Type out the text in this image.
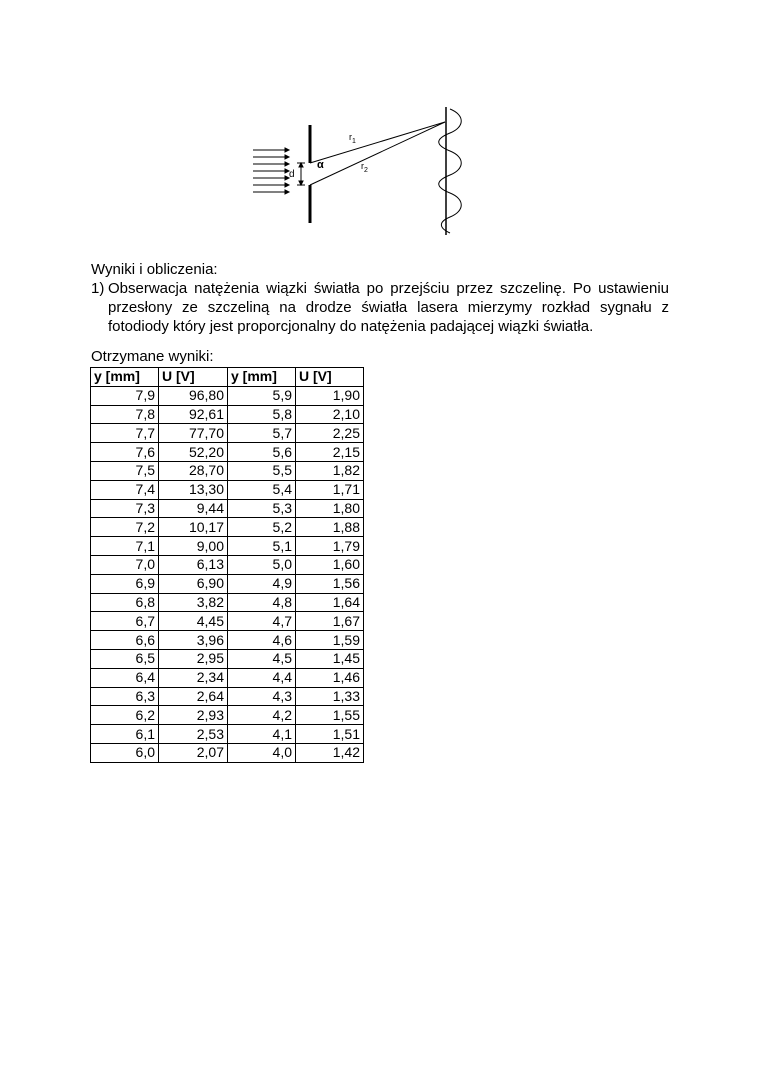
d
α
$r_1$
$r_2$

Wyniki i obliczenia:

1) Obserwacja natężenia wiązki światła po przejściu przez szczelinę. Po ustawieniu przesłony ze szczeliną na drodze światła lasera mierzymy rozkład sygnału z fotodiody który jest proporcjonalny do natężenia padającej wiązki światła.

Otrzymane wyniki:

y [mm]	U [V]	y [mm]	U [V]
7,9	96,80	5,9	1,90
7,8	92,61	5,8	2,10
7,7	77,70	5,7	2,25
7,6	52,20	5,6	2,15
7,5	28,70	5,5	1,82
7,4	13,30	5,4	1,71
7,3	9,44	5,3	1,80
7,2	10,17	5,2	1,88
7,1	9,00	5,1	1,79
7,0	6,13	5,0	1,60
6,9	6,90	4,9	1,56
6,8	3,82	4,8	1,64
6,7	4,45	4,7	1,67
6,6	3,96	4,6	1,59
6,5	2,95	4,5	1,45
6,4	2,34	4,4	1,46
6,3	2,64	4,3	1,33
6,2	2,93	4,2	1,55
6,1	2,53	4,1	1,51
6,0	2,07	4,0	1,42
